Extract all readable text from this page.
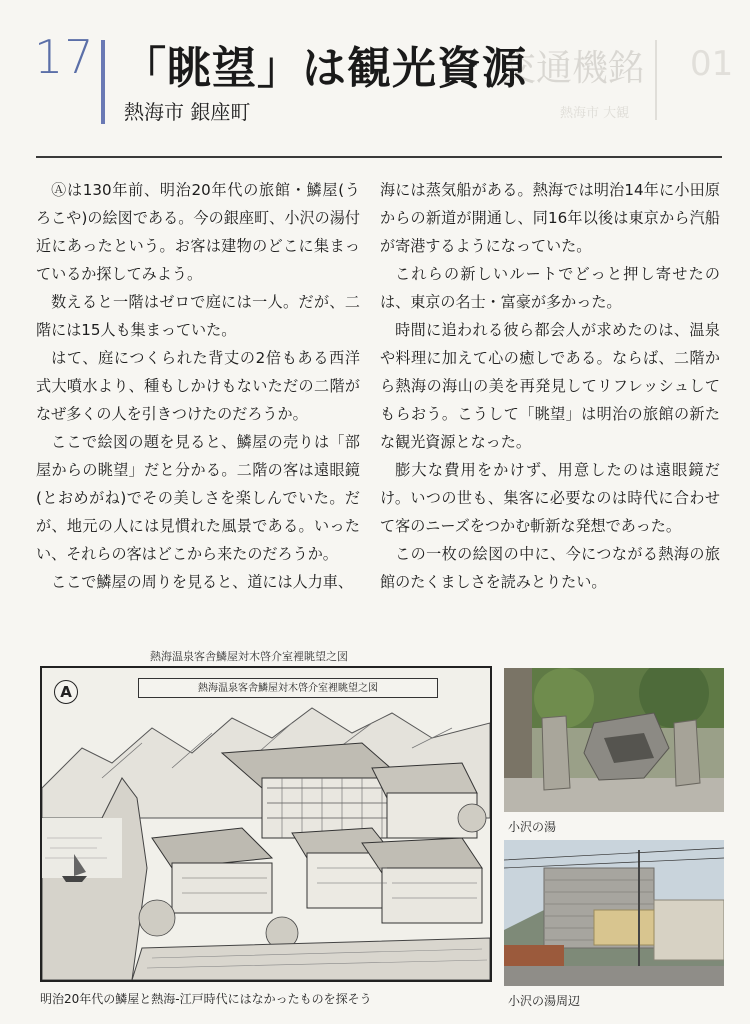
交通機銘
熱海市 大観
01
17 「眺望」は観光資源
熱海市 銀座町

Ⓐは130年前、明治20年代の旅館・鱗屋(うろこや)の絵図である。今の銀座町、小沢の湯付近にあったという。お客は建物のどこに集まっているか探してみよう。

数えると一階はゼロで庭には一人。だが、二階には15人も集まっていた。

はて、庭につくられた背丈の2倍もある西洋式大噴水より、種もしかけもないただの二階がなぜ多くの人を引きつけたのだろうか。

ここで絵図の題を見ると、鱗屋の売りは「部屋からの眺望」だと分かる。二階の客は遠眼鏡(とおめがね)でその美しさを楽しんでいた。だが、地元の人には見慣れた風景である。いったい、それらの客はどこから来たのだろうか。

ここで鱗屋の周りを見ると、道には人力車、

海には蒸気船がある。熱海では明治14年に小田原からの新道が開通し、同16年以後は東京から汽船が寄港するようになっていた。

これらの新しいルートでどっと押し寄せたのは、東京の名士・富豪が多かった。

時間に追われる彼ら都会人が求めたのは、温泉や料理に加えて心の癒しである。ならば、二階から熱海の海山の美を再発見してリフレッシュしてもらおう。こうして「眺望」は明治の旅館の新たな観光資源となった。

膨大な費用をかけず、用意したのは遠眼鏡だけ。いつの世も、集客に必要なのは時代に合わせて客のニーズをつかむ斬新な発想であった。

この一枚の絵図の中に、今につながる熱海の旅館のたくましさを読みとりたい。

熱海温泉客舎鱗屋対木啓介室裡眺望之図
熱海温泉客舎鱗屋対木啓介室裡眺望之図
A
明治20年代の鱗屋と熱海-江戸時代にはなかったものを探そう
小沢の湯
小沢の湯周辺
